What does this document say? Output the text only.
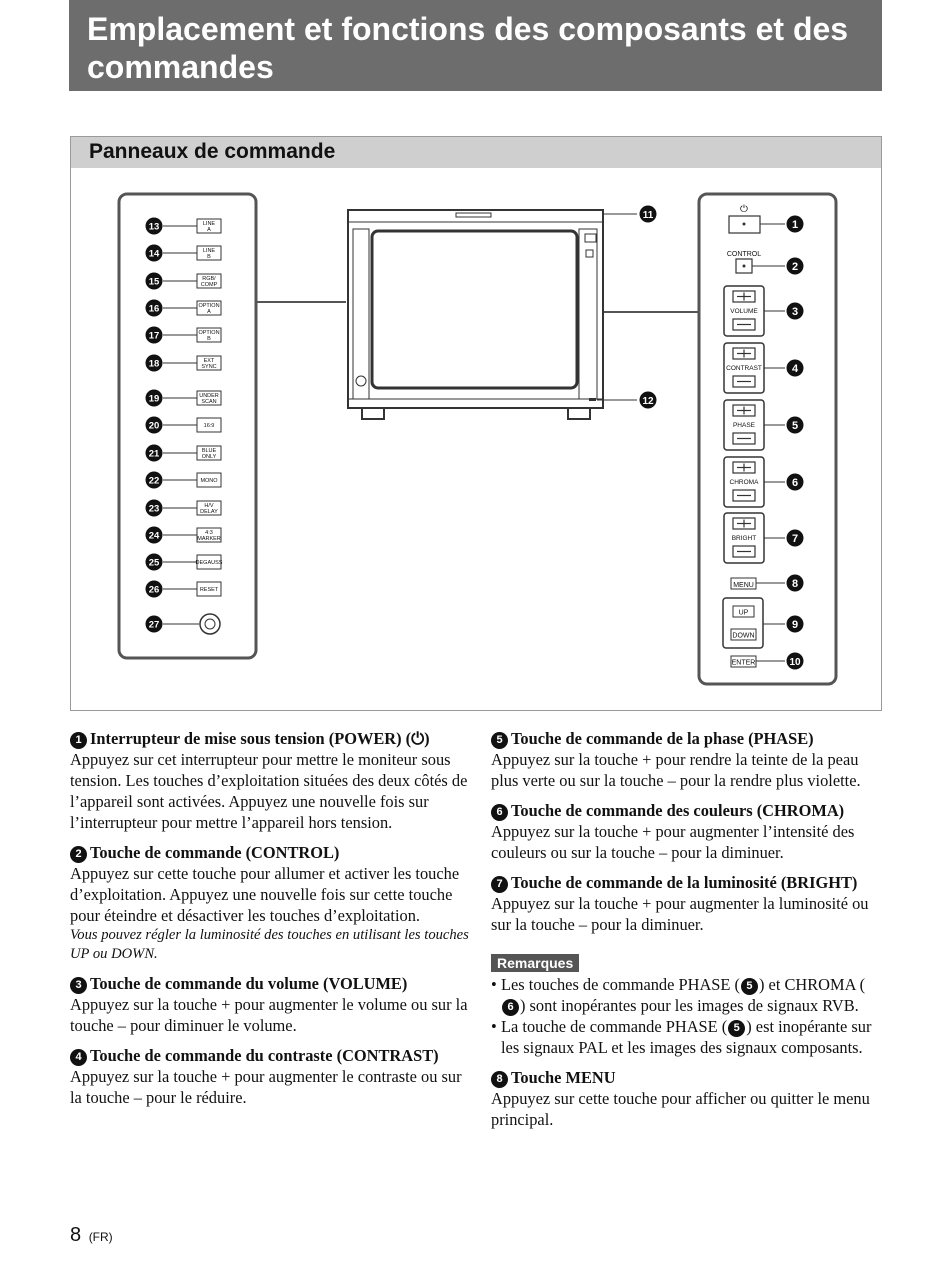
Emplacement et fonctions des composants et des
commandes
Panneaux de commande
13	LINE
A
14	LINE
B
15	RGB/
COMP
16	OPTION
A
17	OPTION
B
18	EXT
SYNC
19	UNDER
SCAN
20	16:9
21	BLUE
ONLY
22	MONO
23	H/V
DELAY
24	4:3
MARKER
25	DEGAUSS
26	RESET
27
11
12
⏻
1
CONTROL
2
VOLUME	3
CONTRAST	4
PHASE	5
CHROMA	6
BRIGHT	7
MENU	8
UP
DOWN
9
ENTER	10
1 Interrupteur de mise sous tension (POWER) (⏻)
Appuyez sur cet interrupteur pour mettre le moniteur sous tension. Les touches d’exploitation situées des deux côtés de l’appareil sont activées. Appuyez une nouvelle fois sur l’interrupteur pour mettre l’appareil hors tension.
2 Touche de commande (CONTROL)
Appuyez sur cette touche pour allumer et activer les touche d’exploitation. Appuyez une nouvelle fois sur cette touche pour éteindre et désactiver les touches d’exploitation.
Vous pouvez régler la luminosité des touches en utilisant les touches UP ou DOWN.
3 Touche de commande du volume (VOLUME)
Appuyez sur la touche + pour augmenter le volume ou sur la touche – pour diminuer le volume.
4 Touche de commande du contraste (CONTRAST)
Appuyez sur la touche + pour augmenter le contraste ou sur la touche – pour le réduire.
5 Touche de commande de la phase (PHASE)
Appuyez sur la touche + pour rendre la teinte de la peau plus verte ou sur la touche – pour la rendre plus violette.
6 Touche de commande des couleurs (CHROMA)
Appuyez sur la touche + pour augmenter l’intensité des couleurs ou sur la touche – pour la diminuer.
7 Touche de commande de la luminosité (BRIGHT)
Appuyez sur la touche + pour augmenter la luminosité ou sur la touche – pour la diminuer.
Remarques
• Les touches de commande PHASE ( 5 ) et CHROMA (6 ) sont inopérantes pour les images de signaux RVB.
• La touche de commande PHASE ( 5 ) est inopérante sur les signaux PAL et les images des signaux composants.
8 Touche MENU
Appuyez sur cette touche pour afficher ou quitter le menu principal.
8 (FR)
